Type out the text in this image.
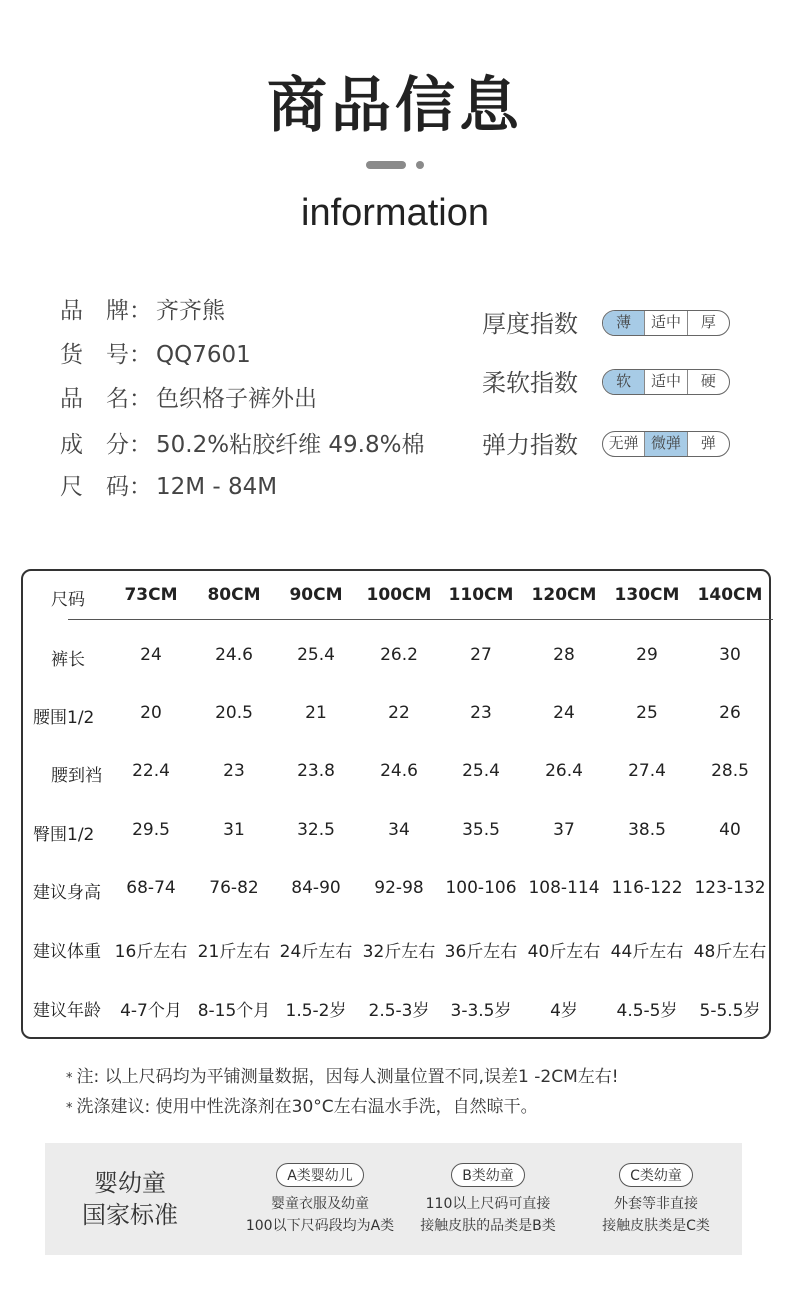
商品信息
information
品　牌： 齐齐熊
货　号： QQ7601
品　名： 色织格子裤外出
成　分： 50.2%粘胶纤维 49.8%棉
尺　码： 12M - 84M
厚度指数	薄	适中	厚
柔软指数	软	适中	硬
弹力指数	无弹 微弹	弹
尺码	73CM	80CM	90CM	100CM	110CM	120CM	130CM	140CM
裤长	24	24.6	25.4	26.2	27	28	29	30
腰围1/2	20	20.5	21	22	23	24	25	26
腰到裆	22.4	23	23.8	24.6	25.4	26.4	27.4	28.5
臀围1/2	29.5	31	32.5	34	35.5	37	38.5	40
建议身高	68-74	76-82	84-90	92-98	100-106 108-114 116-122 123-132
建议体重 16斤左右 21斤左右 24斤左右 32斤左右 36斤左右 40斤左右 44斤左右 48斤左右
建议年龄	4-7个月 8-15个月 1.5-2岁	2.5-3岁	3-3.5岁	4岁	4.5-5岁	5-5.5岁
* 注: 以上尺码均为平铺测量数据，因每人测量位置不同,误差1 -2CM左右!
* 洗涤建议: 使用中性洗涤剂在30°C左右温水手洗，自然晾干。
婴幼童
国家标准
A类婴幼儿
婴童衣服及幼童
100以下尺码段均为A类
B类幼童
110以上尺码可直接
接触皮肤的品类是B类
C类幼童
外套等非直接
接触皮肤类是C类
